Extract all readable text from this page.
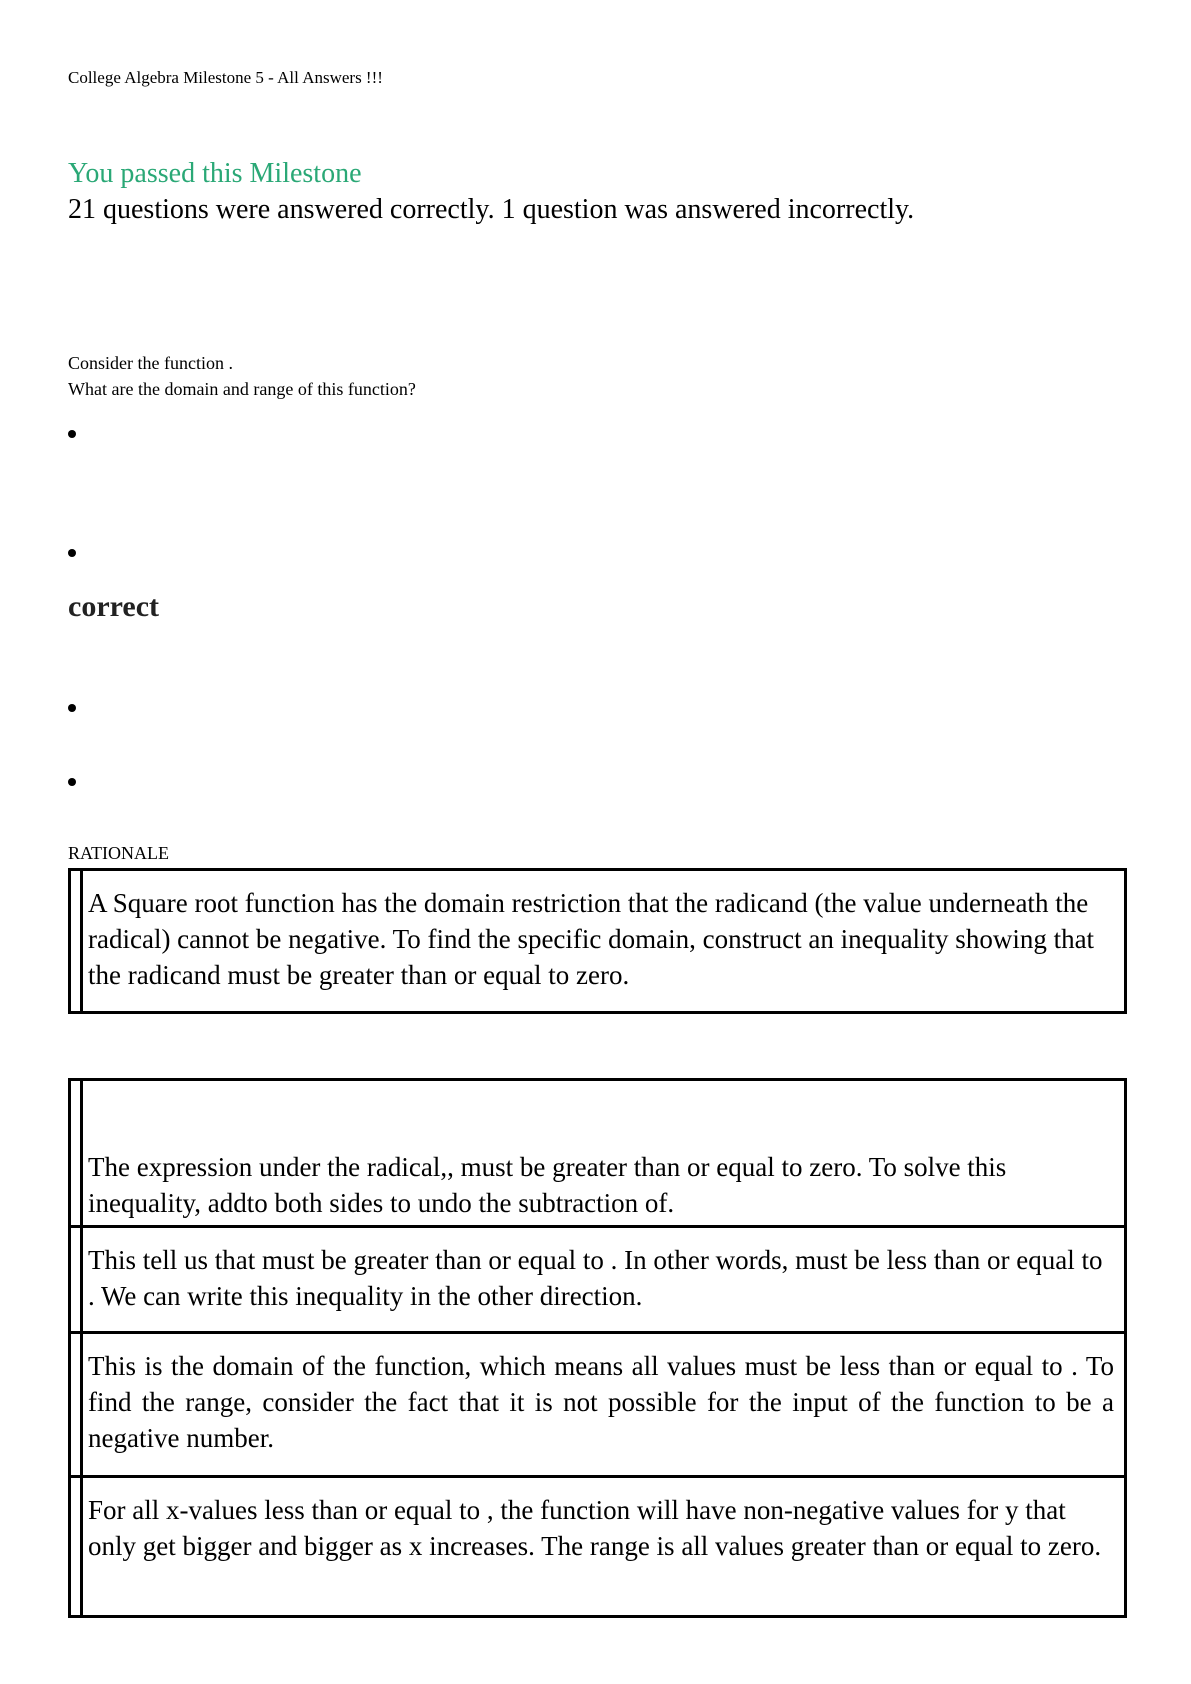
College Algebra Milestone 5 - All Answers !!!
You passed this Milestone
21 questions were answered correctly. 1 question was answered incorrectly.
Consider the function .
What are the domain and range of this function?
correct
RATIONALE
A Square root function has the domain restriction that the radicand (the value underneath the radical) cannot be negative. To find the specific domain, construct an inequality showing that the radicand must be greater than or equal to zero.
The expression under the radical,, must be greater than or equal to zero. To solve this inequality, addto both sides to undo the subtraction of.
This tell us that must be greater than or equal to . In other words, must be less than or equal to . We can write this inequality in the other direction.
This is the domain of the function, which means all values must be less than or equal to . To find the range, consider the fact that it is not possible for the input of the function to be a negative number.
For all x-values less than or equal to , the function will have non-negative values for y that only get bigger and bigger as x increases. The range is all values greater than or equal to zero.
